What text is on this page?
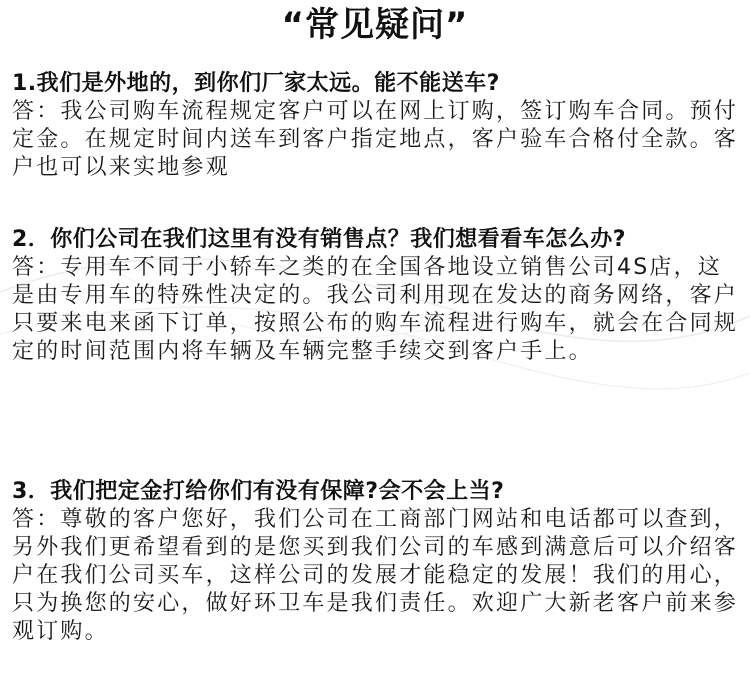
“常见疑问”

1.我们是外地的，到你们厂家太远。能不能送车?

答：我公司购车流程规定客户可以在网上订购，签订购车合同。预付定金。在规定时间内送车到客户指定地点，客户验车合格付全款。客户也可以来实地参观

2．你们公司在我们这里有没有销售点？我们想看看车怎么办?

答：专用车不同于小轿车之类的在全国各地设立销售公司4S店，这是由专用车的特殊性决定的。我公司利用现在发达的商务网络，客户只要来电来函下订单，按照公布的购车流程进行购车，就会在合同规定的时间范围内将车辆及车辆完整手续交到客户手上。

3．我们把定金打给你们有没有保障?会不会上当?

答：尊敬的客户您好，我们公司在工商部门网站和电话都可以查到，另外我们更希望看到的是您买到我们公司的车感到满意后可以介绍客户在我们公司买车，这样公司的发展才能稳定的发展！我们的用心，只为换您的安心，做好环卫车是我们责任。欢迎广大新老客户前来参观订购。
